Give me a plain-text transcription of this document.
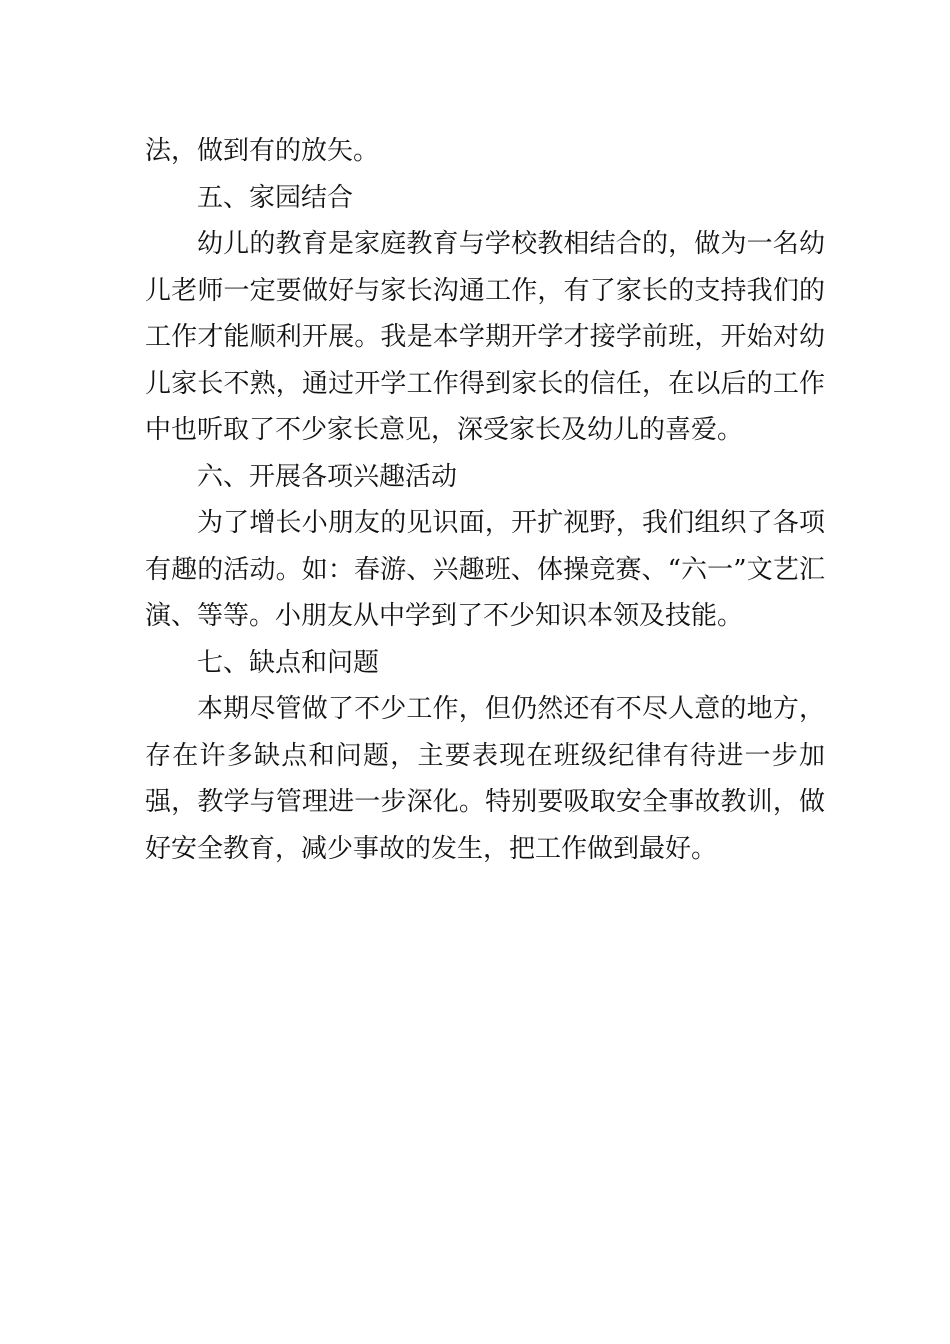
法，做到有的放矢。

五、家园结合

幼儿的教育是家庭教育与学校教相结合的，做为一名幼儿老师一定要做好与家长沟通工作，有了家长的支持我们的工作才能顺利开展。我是本学期开学才接学前班，开始对幼儿家长不熟，通过开学工作得到家长的信任，在以后的工作中也听取了不少家长意见，深受家长及幼儿的喜爱。

六、开展各项兴趣活动

为了增长小朋友的见识面，开扩视野，我们组织了各项有趣的活动。如：春游、兴趣班、体操竞赛、“六一”文艺汇演、等等。小朋友从中学到了不少知识本领及技能。

七、缺点和问题

本期尽管做了不少工作，但仍然还有不尽人意的地方，存在许多缺点和问题，主要表现在班级纪律有待进一步加强，教学与管理进一步深化。特别要吸取安全事故教训，做好安全教育，减少事故的发生，把工作做到最好。
